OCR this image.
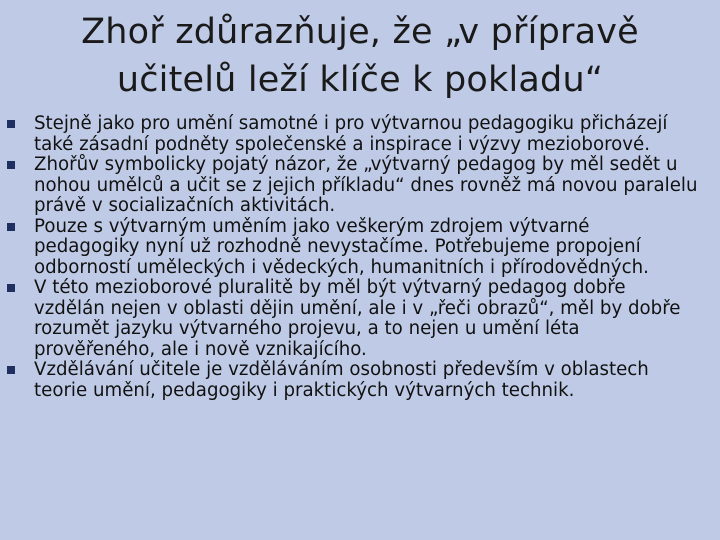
Zhoř zdůrazňuje, že „v přípravě učitelů leží klíče k pokladu“
Stejně jako pro umění samotné i pro výtvarnou pedagogiku přicházejí také zásadní podněty společenské a inspirace i výzvy mezioborové.
Zhořův symbolicky pojatý názor, že „výtvarný pedagog by měl sedět u nohou umělců a učit se z jejich příkladu“ dnes rovněž má novou paralelu právě v socializačních aktivitách.
Pouze s výtvarným uměním jako veškerým zdrojem výtvarné pedagogiky nyní už rozhodně nevystačíme. Potřebujeme propojení odborností uměleckých i vědeckých, humanitních i přírodovědných.
V této mezioborové pluralitě by měl být výtvarný pedagog dobře vzdělán nejen v oblasti dějin umění, ale i v „řeči obrazů“, měl by dobře rozumět jazyku výtvarného projevu, a to nejen u umění léta prověřeného, ale i nově vznikajícího.
Vzdělávání učitele je vzděláváním osobnosti především v oblastech teorie umění, pedagogiky i praktických výtvarných technik.
